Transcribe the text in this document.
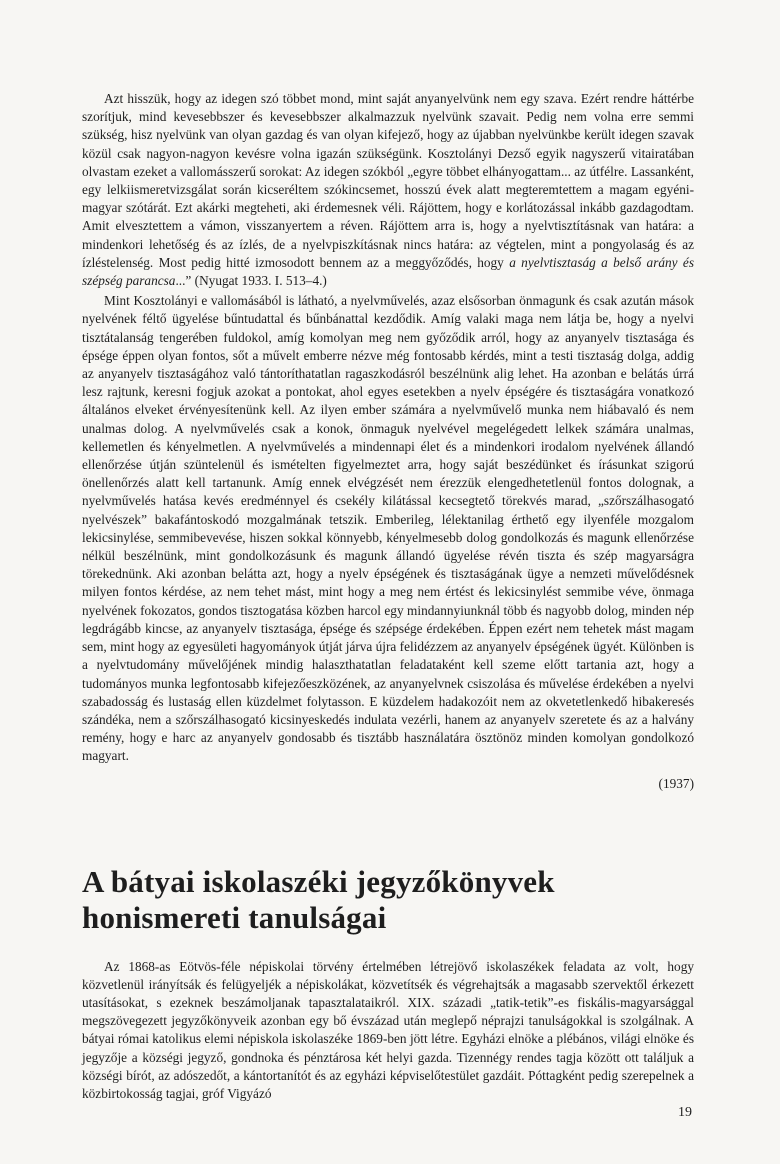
Azt hisszük, hogy az idegen szó többet mond, mint saját anyanyelvünk nem egy szava. Ezért rendre háttérbe szorítjuk, mind kevesebbszer és kevesebbszer alkalmazzuk nyelvünk szavait. Pedig nem volna erre semmi szükség, hisz nyelvünk van olyan gazdag és van olyan kifejező, hogy az újabban nyelvünkbe került idegen szavak közül csak nagyon-nagyon kevésre volna igazán szükségünk. Kosztolányi Dezső egyik nagyszerű vitairatában olvastam ezeket a vallomásszerű sorokat: Az idegen szókból „egyre többet elhányogattam... az útfélre. Lassanként, egy lelkiismeretvizsgálat során kicseréltem szókincsemet, hosszú évek alatt megteremtettem a magam egyéni-magyar szótárát. Ezt akárki megteheti, aki érdemesnek véli. Rájöttem, hogy e korlátozással inkább gazdagodtam. Amit elvesztettem a vámon, visszanyertem a réven. Rájöttem arra is, hogy a nyelvtisztításnak van határa: a mindenkori lehetőség és az ízlés, de a nyelvpiszkításnak nincs határa: az végtelen, mint a pongyolaság és az ízléstelenség. Most pedig hitté izmosodott bennem az a meggyőződés, hogy a nyelvtisztaság a belső arány és szépség parancsa...” (Nyugat 1933. I. 513–4.)

Mint Kosztolányi e vallomásából is látható, a nyelvművelés, azaz elsősorban önmagunk és csak azután mások nyelvének féltő ügyelése bűntudattal és bűnbánattal kezdődik. Amíg valaki maga nem látja be, hogy a nyelvi tisztátalanság tengerében fuldokol, amíg komolyan meg nem győződik arról, hogy az anyanyelv tisztasága és épsége éppen olyan fontos, sőt a művelt emberre nézve még fontosabb kérdés, mint a testi tisztaság dolga, addig az anyanyelv tisztaságához való tántoríthatatlan ragaszkodásról beszélnünk alig lehet. Ha azonban e belátás úrrá lesz rajtunk, keresni fogjuk azokat a pontokat, ahol egyes esetekben a nyelv épségére és tisztaságára vonatkozó általános elveket érvényesítenünk kell. Az ilyen ember számára a nyelvművelő munka nem hiábavaló és nem unalmas dolog. A nyelvművelés csak a konok, önmaguk nyelvével megelégedett lelkek számára unalmas, kellemetlen és kényelmetlen. A nyelvművelés a mindennapi élet és a mindenkori irodalom nyelvének állandó ellenőrzése útján szüntelenül és ismételten figyelmeztet arra, hogy saját beszédünket és írásunkat szigorú önellenőrzés alatt kell tartanunk. Amíg ennek elvégzését nem érezzük elengedhetetlenül fontos dolognak, a nyelvművelés hatása kevés eredménnyel és csekély kilátással kecsegtető törekvés marad, „szőrszálhasogató nyelvészek” bakafántoskodó mozgalmának tetszik. Emberileg, lélektanilag érthető egy ilyenféle mozgalom lekicsinylése, semmibevevése, hiszen sokkal könnyebb, kényelmesebb dolog gondolkozás és magunk ellenőrzése nélkül beszélnünk, mint gondolkozásunk és magunk állandó ügyelése révén tiszta és szép magyarságra törekednünk. Aki azonban belátta azt, hogy a nyelv épségének és tisztaságának ügye a nemzeti művelődésnek milyen fontos kérdése, az nem tehet mást, mint hogy a meg nem értést és lekicsinylést semmibe véve, önmaga nyelvének fokozatos, gondos tisztogatása közben harcol egy mindannyiunknál több és nagyobb dolog, minden nép legdrágább kincse, az anyanyelv tisztasága, épsége és szépsége érdekében. Éppen ezért nem tehetek mást magam sem, mint hogy az egyesületi hagyományok útját járva újra felidézzem az anyanyelv épségének ügyét. Különben is a nyelvtudomány művelőjének mindig halaszthatatlan feladataként kell szeme előtt tartania azt, hogy a tudományos munka legfontosabb kifejezőeszközének, az anyanyelvnek csiszolása és művelése érdekében a nyelvi szabadosság és lustaság ellen küzdelmet folytasson. E küzdelem hadakozóit nem az okvetetlenkedő hibakeresés szándéka, nem a szőrszálhasogató kicsinyeskedés indulata vezérli, hanem az anyanyelv szeretete és az a halvány remény, hogy e harc az anyanyelv gondosabb és tisztább használatára ösztönöz minden komolyan gondolkozó magyart.

(1937)
A bátyai iskolaszéki jegyzőkönyvek
honismereti tanulságai

Az 1868-as Eötvös-féle népiskolai törvény értelmében létrejövő iskolaszékek feladata az volt, hogy közvetlenül irányítsák és felügyeljék a népiskolákat, közvetítsék és végrehajtsák a magasabb szervektől érkezett utasításokat, s ezeknek beszámoljanak tapasztalataikról. XIX. századi „tatik-tetik”-es fiskális-magyarsággal megszövegezett jegyzőkönyveik azonban egy bő évszázad után meglepő néprajzi tanulságokkal is szolgálnak. A bátyai római katolikus elemi népiskola iskolaszéke 1869-ben jött létre. Egyházi elnöke a plébános, világi elnöke és jegyzője a községi jegyző, gondnoka és pénztárosa két helyi gazda. Tizennégy rendes tagja között ott találjuk a községi bírót, az adószedőt, a kántortanítót és az egyházi képviselőtestület gazdáit. Póttagként pedig szerepelnek a közbirtokosság tagjai, gróf Vigyázó

19
